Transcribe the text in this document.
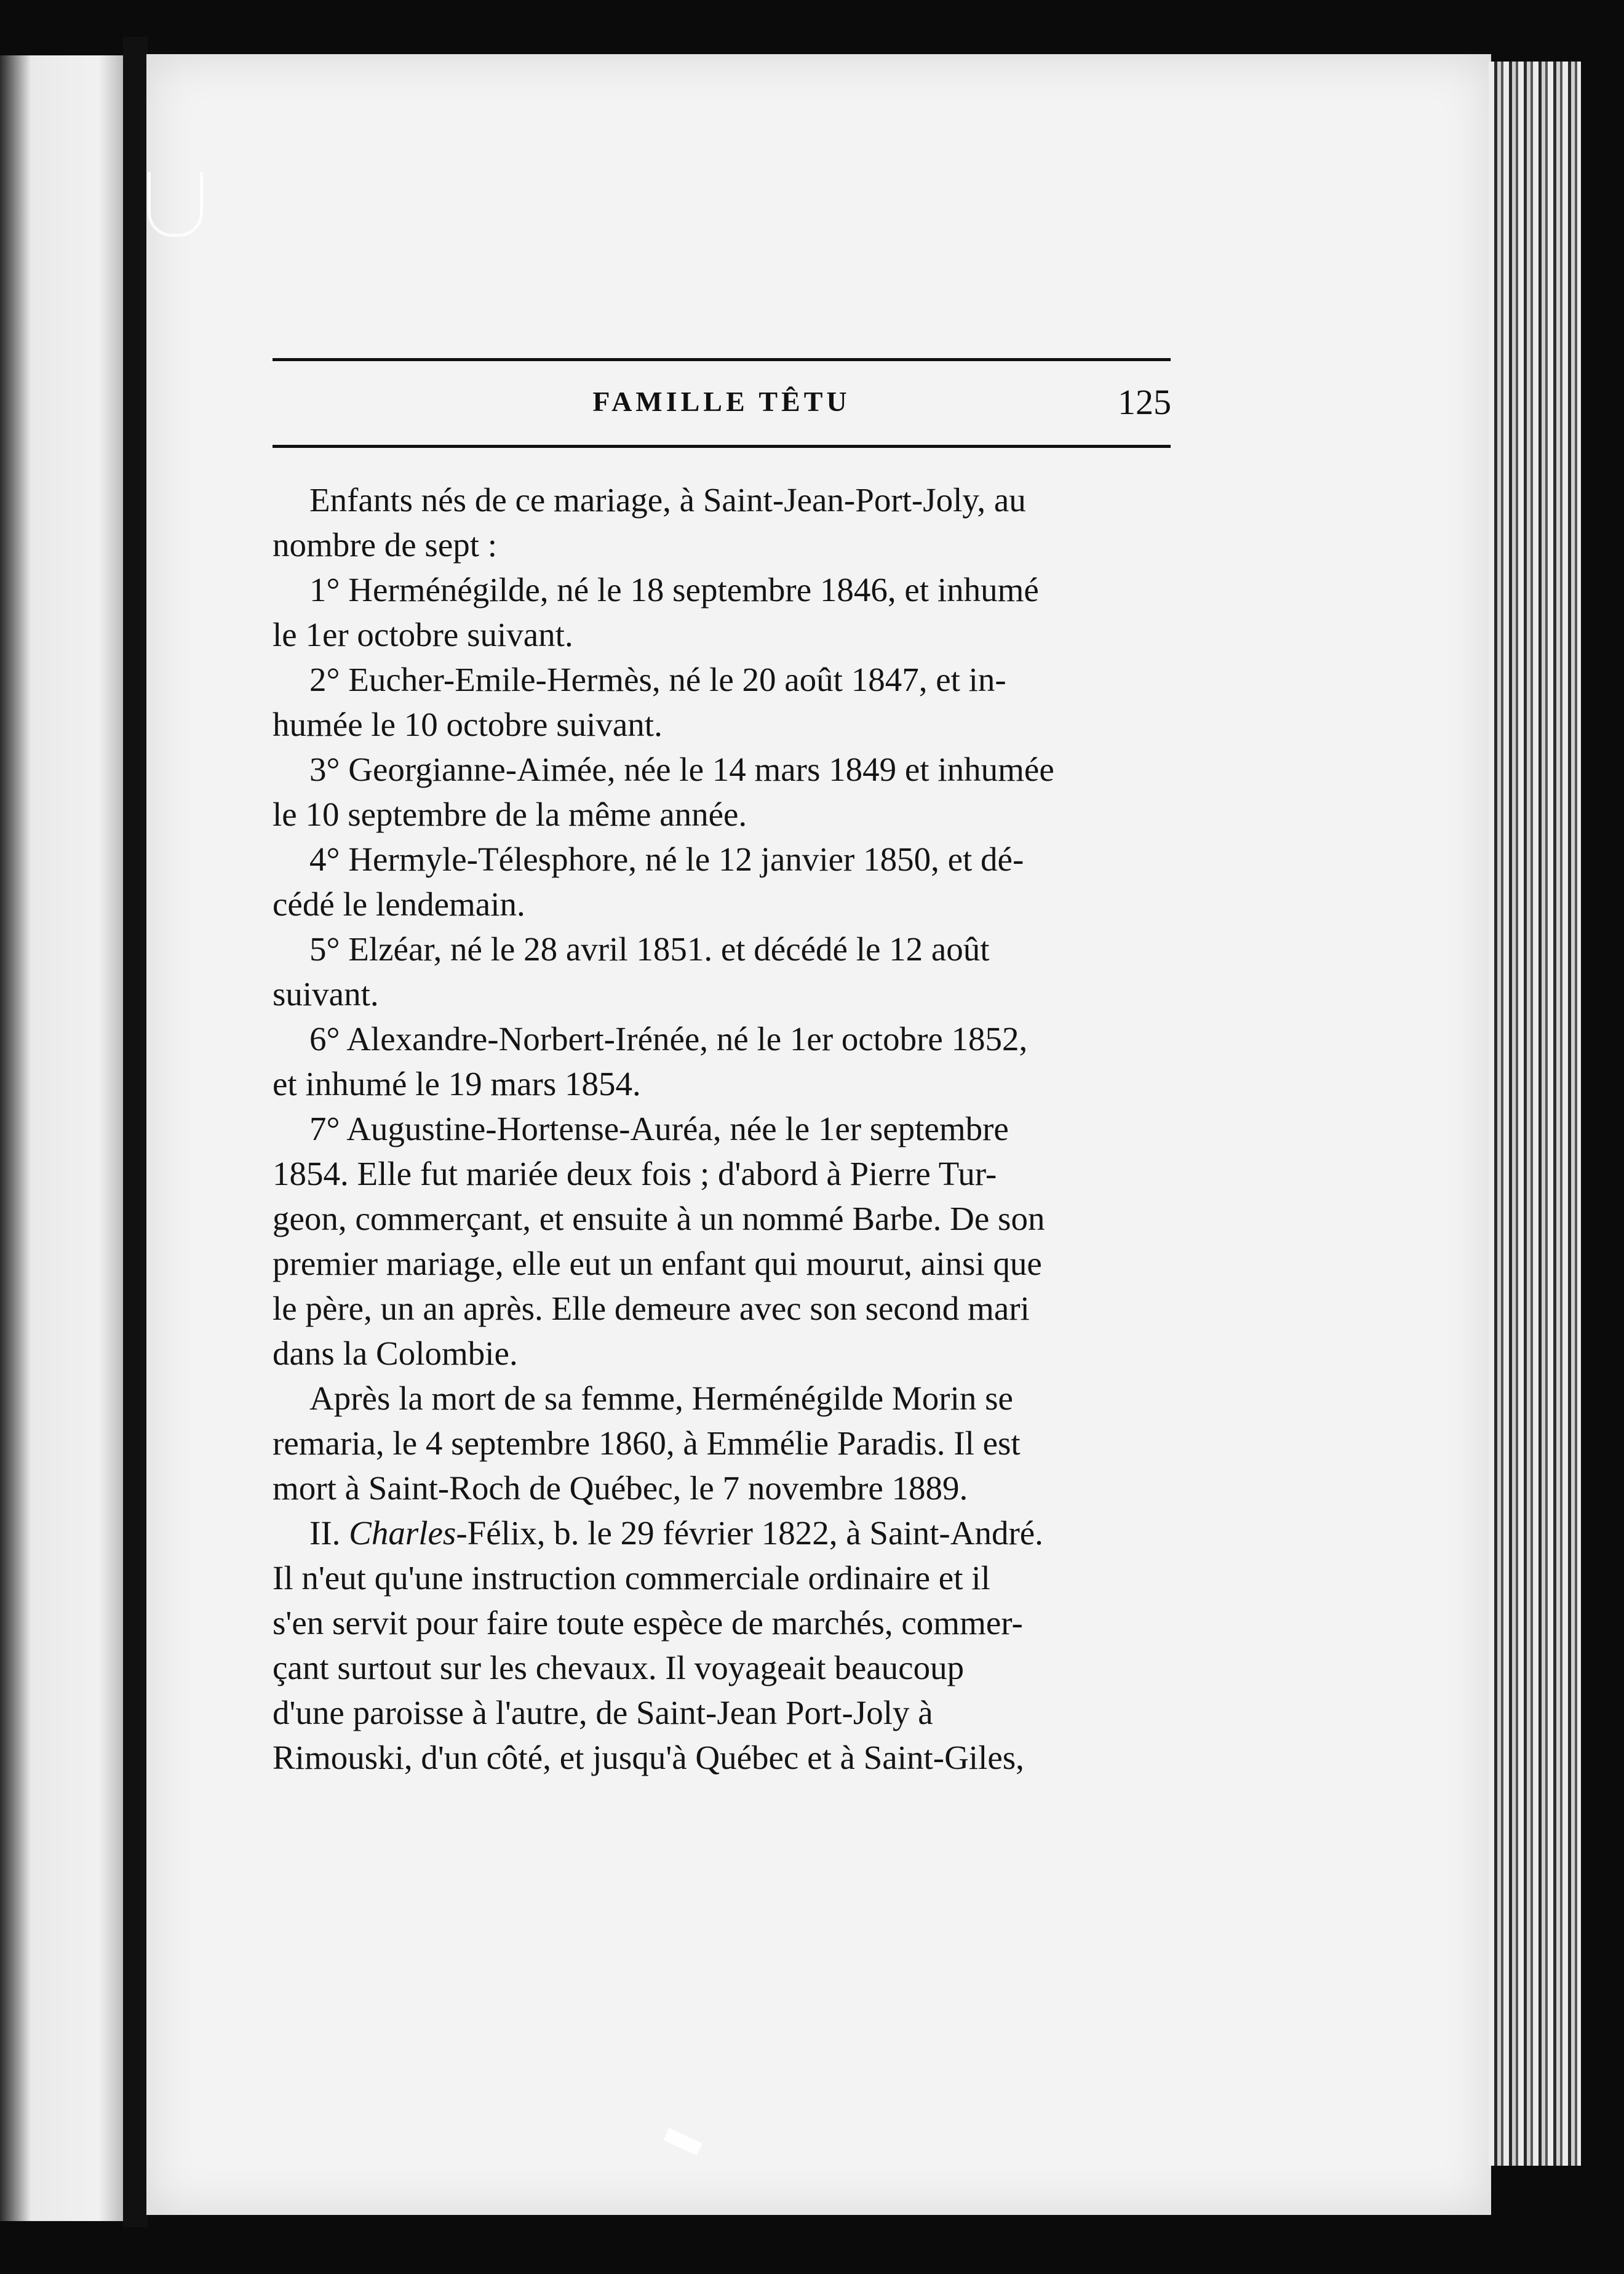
FAMILLE TÊTU	125

Enfants nés de ce mariage, à Saint-Jean-Port-Joly, au
nombre de sept :

1° Herménégilde, né le 18 septembre 1846, et inhumé
le 1er octobre suivant.

2° Eucher-Emile-Hermès, né le 20 août 1847, et in-
humée le 10 octobre suivant.

3° Georgianne-Aimée, née le 14 mars 1849 et inhumée
le 10 septembre de la même année.

4° Hermyle-Télesphore, né le 12 janvier 1850, et dé-
cédé le lendemain.

5° Elzéar, né le 28 avril 1851. et décédé le 12 août
suivant.

6° Alexandre-Norbert-Irénée, né le 1er octobre 1852,
et inhumé le 19 mars 1854.

7° Augustine-Hortense-Auréa, née le 1er septembre
1854. Elle fut mariée deux fois ; d'abord à Pierre Tur-
geon, commerçant, et ensuite à un nommé Barbe. De son
premier mariage, elle eut un enfant qui mourut, ainsi que
le père, un an après. Elle demeure avec son second mari
dans la Colombie.

Après la mort de sa femme, Herménégilde Morin se
remaria, le 4 septembre 1860, à Emmélie Paradis. Il est
mort à Saint-Roch de Québec, le 7 novembre 1889.

II. Charles-Félix, b. le 29 février 1822, à Saint-André.
Il n'eut qu'une instruction commerciale ordinaire et il
s'en servit pour faire toute espèce de marchés, commer-
çant surtout sur les chevaux. Il voyageait beaucoup
d'une paroisse à l'autre, de Saint-Jean Port-Joly à
Rimouski, d'un côté, et jusqu'à Québec et à Saint-Giles,
